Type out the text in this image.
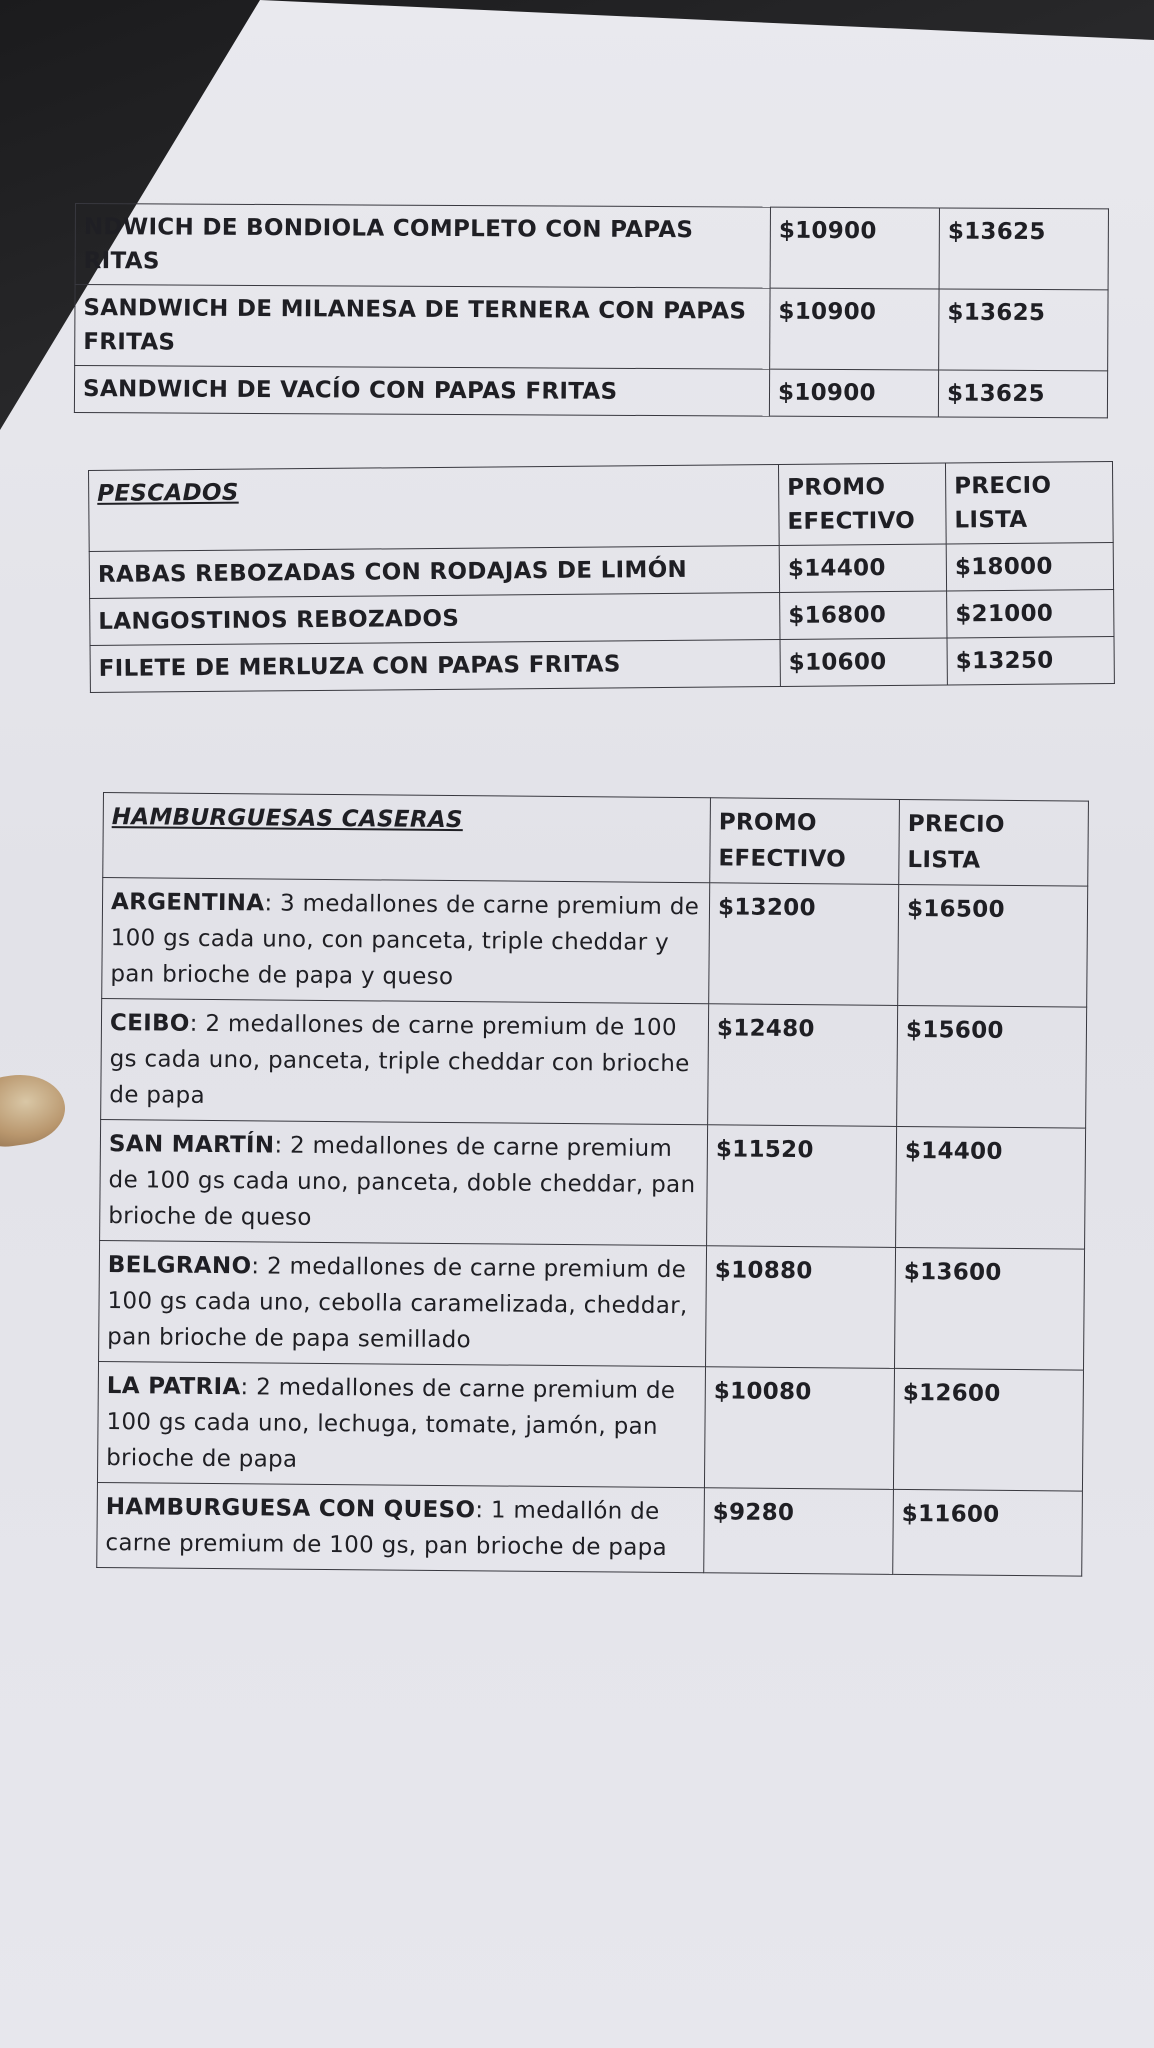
NDWICH DE BONDIOLA COMPLETO CON PAPAS RITAS	$10900	$13625
SANDWICH DE MILANESA DE TERNERA CON PAPAS FRITAS	$10900	$13625
SANDWICH DE VACÍO CON PAPAS FRITAS	$10900	$13625
PESCADOS	PROMO EFECTIVO	PRECIO LISTA
RABAS REBOZADAS CON RODAJAS DE LIMÓN	$14400	$18000
LANGOSTINOS REBOZADOS	$16800	$21000
FILETE DE MERLUZA CON PAPAS FRITAS	$10600	$13250
HAMBURGUESAS CASERAS	PROMO EFECTIVO	PRECIO LISTA
ARGENTINA: 3 medallones de carne premium de 100 gs cada uno, con panceta, triple cheddar y pan brioche de papa y queso	$13200	$16500
CEIBO: 2 medallones de carne premium de 100 gs cada uno, panceta, triple cheddar con brioche de papa	$12480	$15600
SAN MARTÍN: 2 medallones de carne premium de 100 gs cada uno, panceta, doble cheddar, pan brioche de queso	$11520	$14400
BELGRANO: 2 medallones de carne premium de 100 gs cada uno, cebolla caramelizada, cheddar, pan brioche de papa semillado	$10880	$13600
LA PATRIA: 2 medallones de carne premium de 100 gs cada uno, lechuga, tomate, jamón, pan brioche de papa	$10080	$12600
HAMBURGUESA CON QUESO: 1 medallón de carne premium de 100 gs, pan brioche de papa	$9280	$11600
